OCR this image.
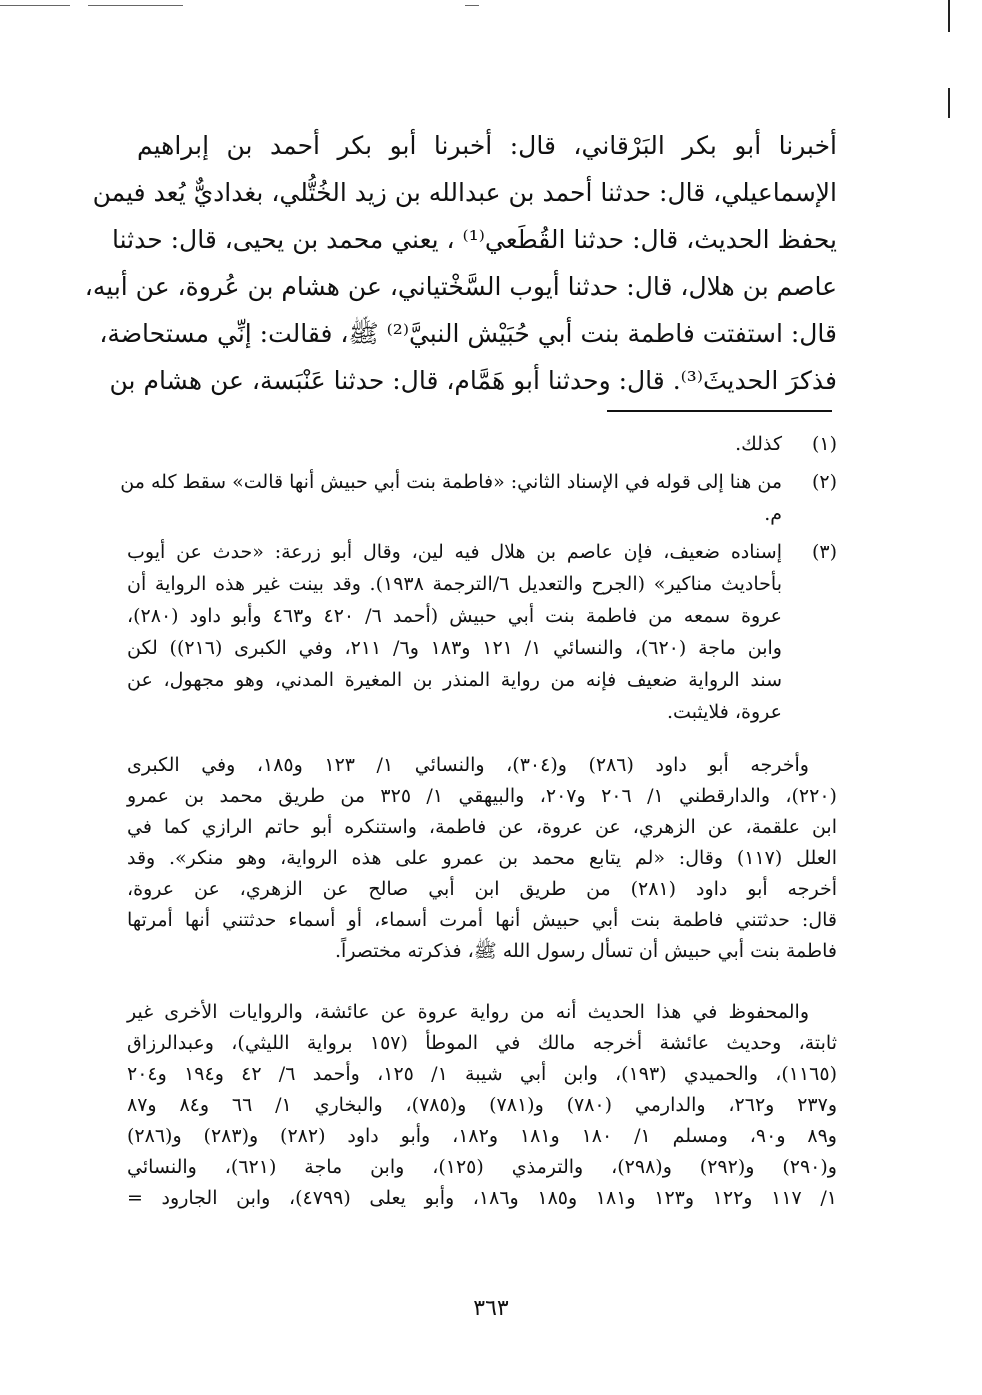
أخبرنا أبو بكر البَرْقاني، قال: أخبرنا أبو بكر أحمد بن إبراهيم
الإسماعيلي، قال: حدثنا أحمد بن عبدالله بن زيد الخُتُّلي، بغداديٌّ يُعد فيمن
يحفظ الحديث، قال: حدثنا القُطَعي⁽¹⁾ ، يعني محمد بن يحيى، قال: حدثنا
عاصم بن هلال، قال: حدثنا أيوب السَّخْتياني، عن هشام بن عُروة، عن أبيه،
قال: استفتت فاطمة بنت أبي حُبَيْش النبيَّ⁽²⁾ ﷺ، فقالت: إنِّي مستحاضة،
فذكرَ الحديثَ⁽³⁾. قال: وحدثنا أبو هَمَّام، قال: حدثنا عَنْبَسة، عن هشام بن
(١)
كذلك.
(٢)
من هنا إلى قوله في الإسناد الثاني: «فاطمة بنت أبي حبيش أنها قالت» سقط كله من
م.
(٣)
إسناده ضعيف، فإن عاصم بن هلال فيه لين، وقال أبو زرعة: «حدث عن أيوب
بأحاديث مناكير» (الجرح والتعديل ٦/الترجمة ١٩٣٨). وقد بينت غير هذه الرواية أن
عروة سمعه من فاطمة بنت أبي حبيش (أحمد ٦/ ٤٢٠ و٤٦٣ وأبو داود (٢٨٠)،
وابن ماجة (٦٢٠)، والنسائي ١/ ١٢١ و١٨٣ و٦/ ٢١١، وفي الكبرى (٢١٦)) لكن
سند الرواية ضعيف فإنه من رواية المنذر بن المغيرة المدني، وهو مجهول، عن
عروة، فلايثبت.
وأخرجه أبو داود (٢٨٦) و(٣٠٤)، والنسائي ١/ ١٢٣ و١٨٥، وفي الكبرى
(٢٢٠)، والدارقطني ١/ ٢٠٦ و٢٠٧، والبيهقي ١/ ٣٢٥ من طريق محمد بن عمرو
ابن علقمة، عن الزهري، عن عروة، عن فاطمة، واستنكره أبو حاتم الرازي كما في
العلل (١١٧) وقال: «لم يتابع محمد بن عمرو على هذه الرواية، وهو منكر». وقد
أخرجه أبو داود (٢٨١) من طريق ابن أبي صالح عن الزهري، عن عروة،
قال: حدثتني فاطمة بنت أبي حبيش أنها أمرت أسماء، أو أسماء حدثتني أنها أمرتها
فاطمة بنت أبي حبيش أن تسأل رسول الله ﷺ، فذكرته مختصراً.
والمحفوظ في هذا الحديث أنه من رواية عروة عن عائشة، والروايات الأخرى غير
ثابتة، وحديث عائشة أخرجه مالك في الموطأ (١٥٧ برواية الليثي)، وعبدالرزاق
(١١٦٥)، والحميدي (١٩٣)، وابن أبي شيبة ١/ ١٢٥، وأحمد ٦/ ٤٢ و١٩٤ و٢٠٤
و٢٣٧ و٢٦٢، والدارمي (٧٨٠) و(٧٨١) و(٧٨٥)، والبخاري ١/ ٦٦ و٨٤ و٨٧
و٨٩ و٩٠، ومسلم ١/ ١٨٠ و١٨١ و١٨٢، وأبو داود (٢٨٢) و(٢٨٣) و(٢٨٦)
و(٢٩٠) و(٢٩٢) و(٢٩٨)، والترمذي (١٢٥)، وابن ماجة (٦٢١)، والنسائي
١/ ١١٧ و١٢٢ و١٢٣ و١٨١ و١٨٥ و١٨٦، وأبو يعلى (٤٧٩٩)، وابن الجارود =
٣٦٣
